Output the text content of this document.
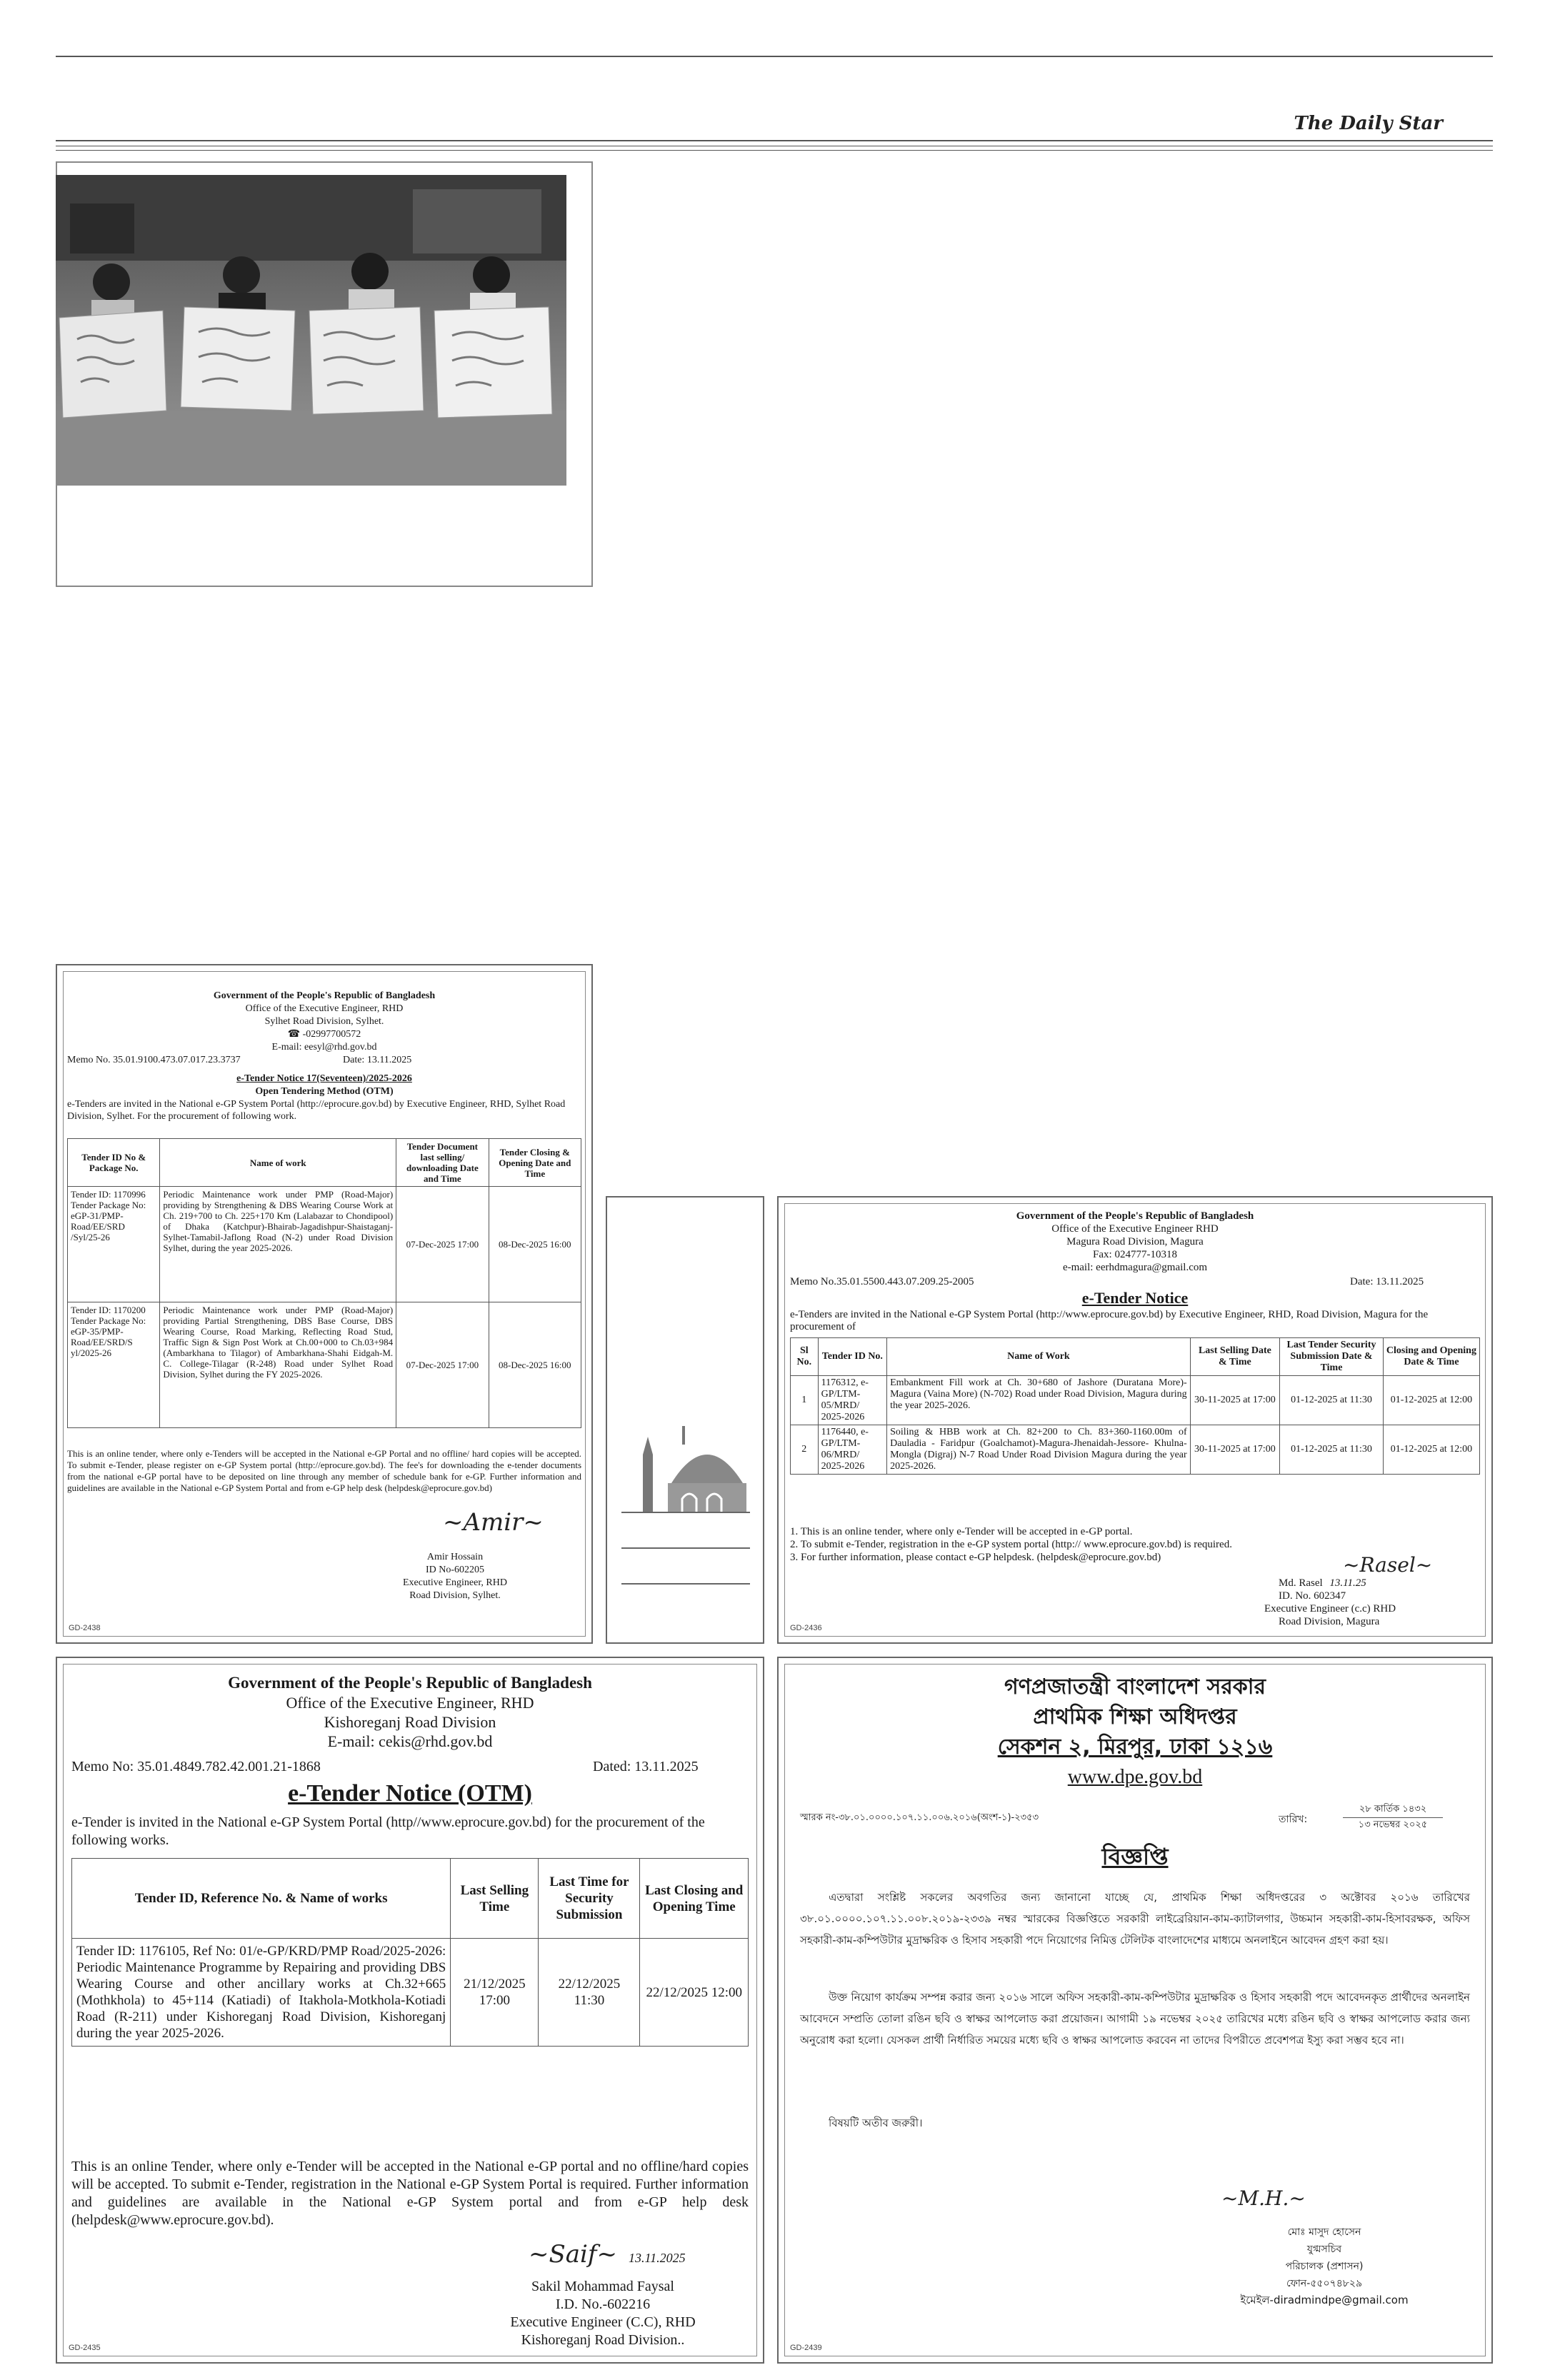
The Daily Star
Government of the People's Republic of Bangladesh
Office of the Executive Engineer, RHD
Sylhet Road Division, Sylhet.
☎ -02997700572
E-mail: eesyl@rhd.gov.bd
Memo No. 35.01.9100.473.07.017.23.3737	Date: 13.11.2025
e-Tender Notice 17(Seventeen)/2025-2026
Open Tendering Method (OTM)
e-Tenders are invited in the National e-GP System Portal (http://eprocure.gov.bd) by Executive Engineer, RHD, Sylhet Road Division, Sylhet. For the procurement of following work.
Tender ID No & Package No.	Name of work	Tender Document last selling/ downloading Date and Time	Tender Closing & Opening Date and Time
Tender ID: 1170996 Tender Package No: eGP-31/PMP-Road/EE/SRD /Syl/25-26	Periodic Maintenance work under PMP (Road-Major) providing by Strengthening & DBS Wearing Course Work at Ch. 219+700 to Ch. 225+170 Km (Lalabazar to Chondipool) of Dhaka (Katchpur)-Bhairab-Jagadishpur-Shaistaganj-Sylhet-Tamabil-Jaflong Road (N-2) under Road Division Sylhet, during the year 2025-2026.	07-Dec-2025 17:00	08-Dec-2025 16:00
Tender ID: 1170200 Tender Package No: eGP-35/PMP-Road/EE/SRD/S yl/2025-26	Periodic Maintenance work under PMP (Road-Major) providing Partial Strengthening, DBS Base Course, DBS Wearing Course, Road Marking, Reflecting Road Stud, Traffic Sign & Sign Post Work at Ch.00+000 to Ch.03+984 (Ambarkhana to Tilagor) of Ambarkhana-Shahi Eidgah-M. C. College-Tilagar (R-248) Road under Sylhet Road Division, Sylhet during the FY 2025-2026.	07-Dec-2025 17:00	08-Dec-2025 16:00
This is an online tender, where only e-Tenders will be accepted in the National e-GP Portal and no offline/ hard copies will be accepted. To submit e-Tender, please register on e-GP System portal (http://eprocure.gov.bd). The fee's for downloading the e-tender documents from the national e-GP portal have to be deposited on line through any member of schedule bank for e-GP. Further information and guidelines are available in the National e-GP System Portal and from e-GP help desk (helpdesk@eprocure.gov.bd)
~Amir~
Amir Hossain
ID No-602205
Executive Engineer, RHD
Road Division, Sylhet.
GD-2438
Government of the People's Republic of Bangladesh
Office of the Executive Engineer RHD
Magura Road Division, Magura
Fax: 024777-10318
e-mail: eerhdmagura@gmail.com
Memo No.35.01.5500.443.07.209.25-2005	Date: 13.11.2025
e-Tender Notice
e-Tenders are invited in the National e-GP System Portal (http://www.eprocure.gov.bd) by Executive Engineer, RHD, Road Division, Magura for the procurement of
Sl No.	Tender ID No.	Name of Work	Last Selling Date & Time	Last Tender Security Submission Date & Time	Closing and Opening Date & Time
1	1176312, e-GP/LTM-05/MRD/ 2025-2026	Embankment Fill work at Ch. 30+680 of Jashore (Duratana More)-Magura (Vaina More) (N-702) Road under Road Division, Magura during the year 2025-2026.	30-11-2025 at 17:00	01-12-2025 at 11:30	01-12-2025 at 12:00
2	1176440, e-GP/LTM-06/MRD/ 2025-2026	Soiling & HBB work at Ch. 82+200 to Ch. 83+360-1160.00m of Dauladia - Faridpur (Goalchamot)-Magura-Jhenaidah-Jessore- Khulna-Mongla (Digraj) N-7 Road Under Road Division Magura during the year 2025-2026.	30-11-2025 at 17:00	01-12-2025 at 11:30	01-12-2025 at 12:00
1. This is an online tender, where only e-Tender will be accepted in e-GP portal.
2. To submit e-Tender, registration in the e-GP system portal (http:// www.eprocure.gov.bd) is required.
3. For further information, please contact e-GP helpdesk. (helpdesk@eprocure.gov.bd)	~Rasel~
Md. Rasel 13.11.25
ID. No. 602347
Executive Engineer (c.c) RHD
Road Division, Magura
GD-2436
Government of the People's Republic of Bangladesh
Office of the Executive Engineer, RHD
Kishoreganj Road Division
E-mail: cekis@rhd.gov.bd
Memo No: 35.01.4849.782.42.001.21-1868	Dated: 13.11.2025
e-Tender Notice (OTM)
e-Tender is invited in the National e-GP System Portal (http//www.eprocure.gov.bd) for the procurement of the following works.
Tender ID, Reference No. & Name of works	Last Selling Time	Last Time for Security Submission	Last Closing and Opening Time
Tender ID: 1176105, Ref No: 01/e-GP/KRD/PMP Road/2025-2026: Periodic Maintenance Programme by Repairing and providing DBS Wearing Course and other ancillary works at Ch.32+665 (Mothkhola) to 45+114 (Katiadi) of Itakhola-Motkhola-Kotiadi Road (R-211) under Kishoreganj Road Division, Kishoreganj during the year 2025-2026.	21/12/2025 17:00	22/12/2025 11:30	22/12/2025 12:00
This is an online Tender, where only e-Tender will be accepted in the National e-GP portal and no offline/hard copies will be accepted. To submit e-Tender, registration in the National e-GP System Portal is required. Further information and guidelines are available in the National e-GP System portal and from e-GP help desk (helpdesk@www.eprocure.gov.bd).
~Saif~ 13.11.2025
Sakil Mohammad Faysal
I.D. No.-602216
Executive Engineer (C.C), RHD
Kishoreganj Road Division..
GD-2435
গণপ্রজাতন্ত্রী বাংলাদেশ সরকার
প্রাথমিক শিক্ষা অধিদপ্তর
সেকশন ২, মিরপুর, ঢাকা ১২১৬
www.dpe.gov.bd
স্মারক নং-৩৮.০১.০০০০.১০৭.১১.০০৬.২০১৬(অংশ-১)-২৩৫৩	তারিখ:
২৮ কার্তিক ১৪৩২
১৩ নভেম্বর ২০২৫
বিজ্ঞপ্তি
এতদ্বারা সংশ্লিষ্ট সকলের অবগতির জন্য জানানো যাচ্ছে যে, প্রাথমিক শিক্ষা অধিদপ্তরের ৩ অক্টোবর ২০১৬ তারিখের ৩৮.০১.০০০০.১০৭.১১.০০৮.২০১৯-২৩৩৯ নম্বর স্মারকের বিজ্ঞপ্তিতে সরকারী লাইব্রেরিয়ান-কাম-ক্যাটালগার, উচ্চমান সহকারী-কাম-হিসাবরক্ষক, অফিস সহকারী-কাম-কম্পিউটার মুদ্রাক্ষরিক ও হিসাব সহকারী পদে নিয়োগের নিমিত্ত টেলিটক বাংলাদেশের মাধ্যমে অনলাইনে আবেদন গ্রহণ করা হয়।
উক্ত নিয়োগ কার্যক্রম সম্পন্ন করার জন্য ২০১৬ সালে অফিস সহকারী-কাম-কম্পিউটার মুদ্রাক্ষরিক ও হিসাব সহকারী পদে আবেদনকৃত প্রার্থীদের অনলাইন আবেদনে সম্প্রতি তোলা রঙিন ছবি ও স্বাক্ষর আপলোড করা প্রয়োজন। আগামী ১৯ নভেম্বর ২০২৫ তারিখের মধ্যে রঙিন ছবি ও স্বাক্ষর আপলোড করার জন্য অনুরোধ করা হলো। যেসকল প্রার্থী নির্ধারিত সময়ের মধ্যে ছবি ও স্বাক্ষর আপলোড করবেন না তাদের বিপরীতে প্রবেশপত্র ইস্যু করা সম্ভব হবে না।
বিষয়টি অতীব জরুরী।
~M.H.~
মোঃ মাসুদ হোসেন
যুগ্মসচিব
পরিচালক (প্রশাসন)
ফোন-৫৫০৭৪৮২৯
ইমেইল-diradmindpe@gmail.com
GD-2439
